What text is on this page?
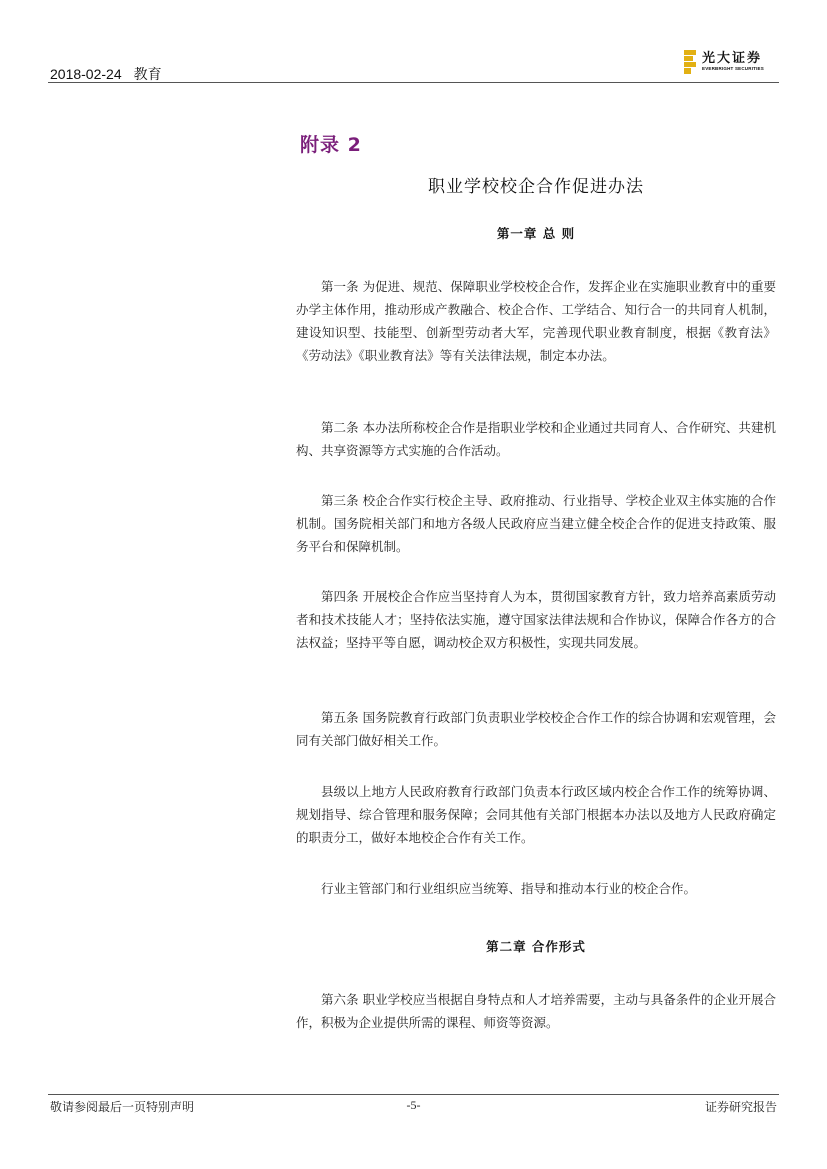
2018-02-24 教育
光大证券
EVERBRIGHT SECURITIES
附录 2
职业学校校企合作促进办法
第一章 总 则
第一条 为促进、规范、保障职业学校校企合作，发挥企业在实施职业教育中的重要办学主体作用，推动形成产教融合、校企合作、工学结合、知行合一的共同育人机制，建设知识型、技能型、创新型劳动者大军，完善现代职业教育制度，根据《教育法》《劳动法》《职业教育法》等有关法律法规，制定本办法。
第二条 本办法所称校企合作是指职业学校和企业通过共同育人、合作研究、共建机构、共享资源等方式实施的合作活动。
第三条 校企合作实行校企主导、政府推动、行业指导、学校企业双主体实施的合作机制。国务院相关部门和地方各级人民政府应当建立健全校企合作的促进支持政策、服务平台和保障机制。
第四条 开展校企合作应当坚持育人为本，贯彻国家教育方针，致力培养高素质劳动者和技术技能人才；坚持依法实施，遵守国家法律法规和合作协议，保障合作各方的合法权益；坚持平等自愿，调动校企双方积极性，实现共同发展。
第五条 国务院教育行政部门负责职业学校校企合作工作的综合协调和宏观管理，会同有关部门做好相关工作。
县级以上地方人民政府教育行政部门负责本行政区域内校企合作工作的统筹协调、规划指导、综合管理和服务保障；会同其他有关部门根据本办法以及地方人民政府确定的职责分工，做好本地校企合作有关工作。
行业主管部门和行业组织应当统筹、指导和推动本行业的校企合作。
第二章 合作形式
第六条 职业学校应当根据自身特点和人才培养需要，主动与具备条件的企业开展合作，积极为企业提供所需的课程、师资等资源。
敬请参阅最后一页特别声明	-5-	证券研究报告
